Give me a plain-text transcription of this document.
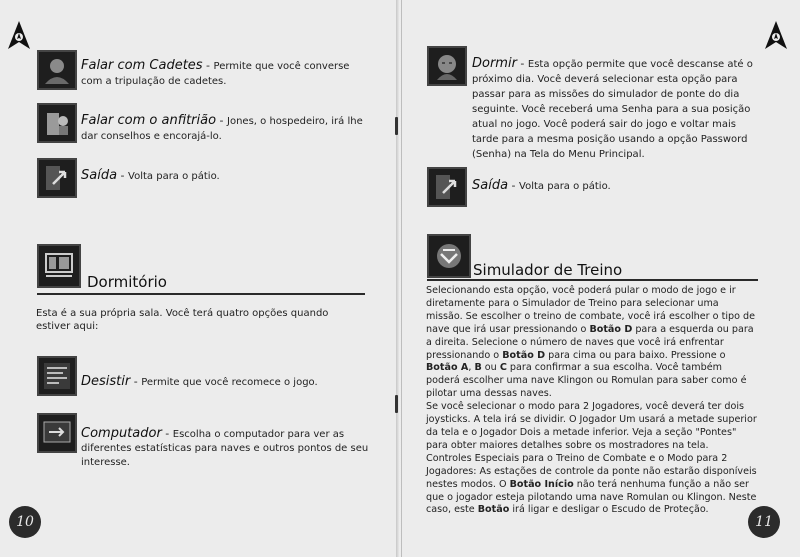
Falar com Cadetes - Permite que você converse com a tripulação de cadetes.
Falar com o anfitrião - Jones, o hospedeiro, irá lhe dar conselhos e encorajá-lo.
Saída - Volta para o pátio.
Dormitório
Esta é a sua própria sala. Você terá quatro opções quando estiver aqui:
Desistir - Permite que você recomece o jogo.
Computador - Escolha o computador para ver as diferentes estatísticas para naves e outros pontos de seu interesse.
10
Dormir - Esta opção permite que você descanse até o próximo dia. Você deverá selecionar esta opção para passar para as missões do simulador de ponte do dia seguinte. Você receberá uma Senha para a sua posição atual no jogo. Você poderá sair do jogo e voltar mais tarde para a mesma posição usando a opção Password (Senha) na Tela do Menu Principal.
Saída - Volta para o pátio.
Simulador de Treino
Selecionando esta opção, você poderá pular o modo de jogo e ir diretamente para o Simulador de Treino para selecionar uma missão. Se escolher o treino de combate, você irá escolher o tipo de nave que irá usar pressionando o Botão D para a esquerda ou para a direita. Selecione o número de naves que você irá enfrentar pressionando o Botão D para cima ou para baixo. Pressione o Botão A, B ou C para confirmar a sua escolha. Você também poderá escolher uma nave Klingon ou Romulan para saber como é pilotar uma dessas naves.
Se você selecionar o modo para 2 Jogadores, você deverá ter dois joysticks. A tela irá se dividir. O Jogador Um usará a metade superior da tela e o Jogador Dois a metade inferior. Veja a seção "Pontes" para obter maiores detalhes sobre os mostradores na tela.
Controles Especiais para o Treino de Combate e o Modo para 2 Jogadores: As estações de controle da ponte não estarão disponíveis nestes modos. O Botão Início não terá nenhuma função a não ser que o jogador esteja pilotando uma nave Romulan ou Klingon. Neste caso, este Botão irá ligar e desligar o Escudo de Proteção.
11
